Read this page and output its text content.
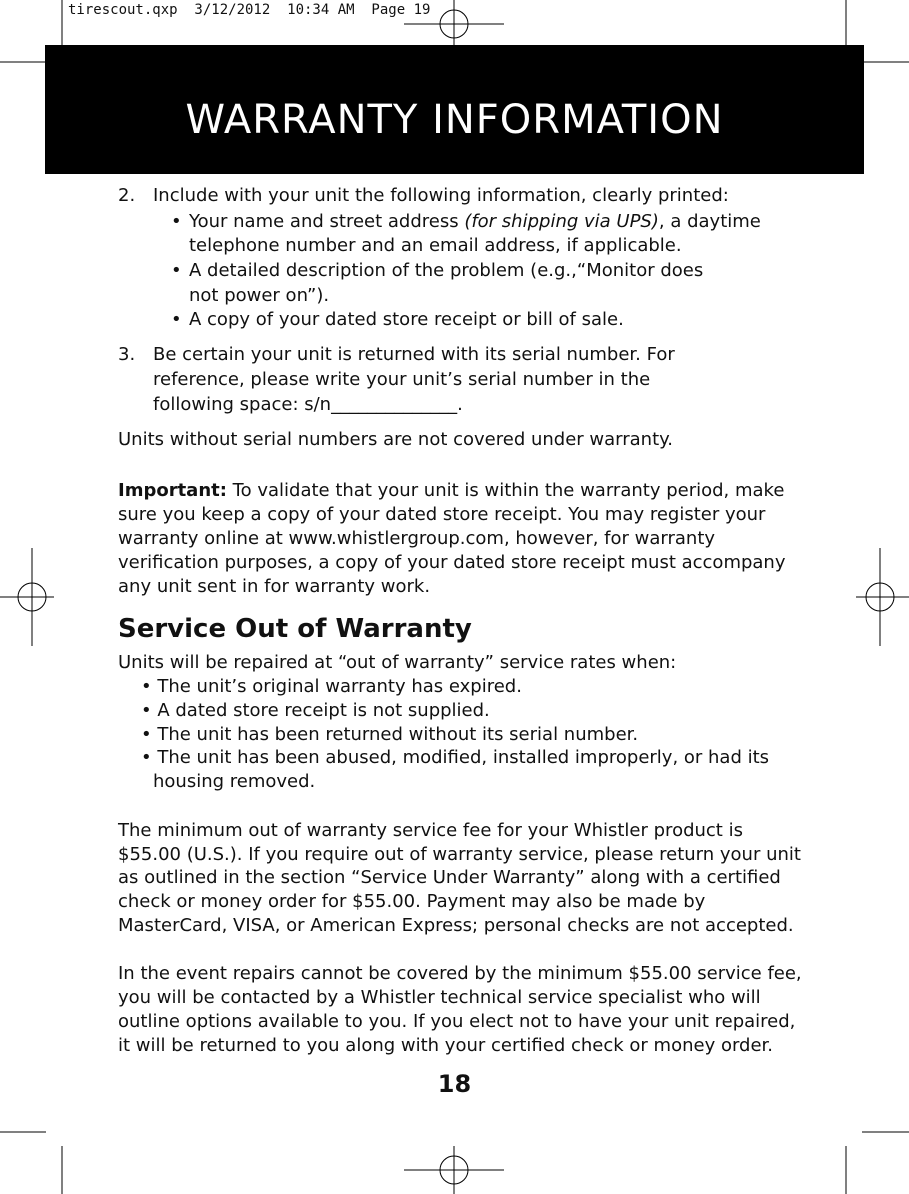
tirescout.qxp  3/12/2012  10:34 AM  Page 19
WARRANTY INFORMATION
2. Include with your unit the following information, clearly printed:
• Your name and street address (for shipping via UPS), a daytime
telephone number and an email address, if applicable.
• A detailed description of the problem (e.g.,“Monitor does
not power on”).
• A copy of your dated store receipt or bill of sale.
3. Be certain your unit is returned with its serial number. For
reference, please write your unit’s serial number in the
following space: s/n______________.
Units without serial numbers are not covered under warranty.
Important: To validate that your unit is within the warranty period, make
sure you keep a copy of your dated store receipt. You may register your
warranty online at www.whistlergroup.com, however, for warranty
verification purposes, a copy of your dated store receipt must accompany
any unit sent in for warranty work.
Service Out of Warranty
Units will be repaired at “out of warranty” service rates when:
• The unit’s original warranty has expired.
• A dated store receipt is not supplied.
• The unit has been returned without its serial number.
• The unit has been abused, modified, installed improperly, or had its
housing removed.
The minimum out of warranty service fee for your Whistler product is
$55.00 (U.S.). If you require out of warranty service, please return your unit
as outlined in the section “Service Under Warranty” along with a certified
check or money order for $55.00. Payment may also be made by
MasterCard, VISA, or American Express; personal checks are not accepted.
In the event repairs cannot be covered by the minimum $55.00 service fee,
you will be contacted by a Whistler technical service specialist who will
outline options available to you. If you elect not to have your unit repaired,
it will be returned to you along with your certified check or money order.
18
